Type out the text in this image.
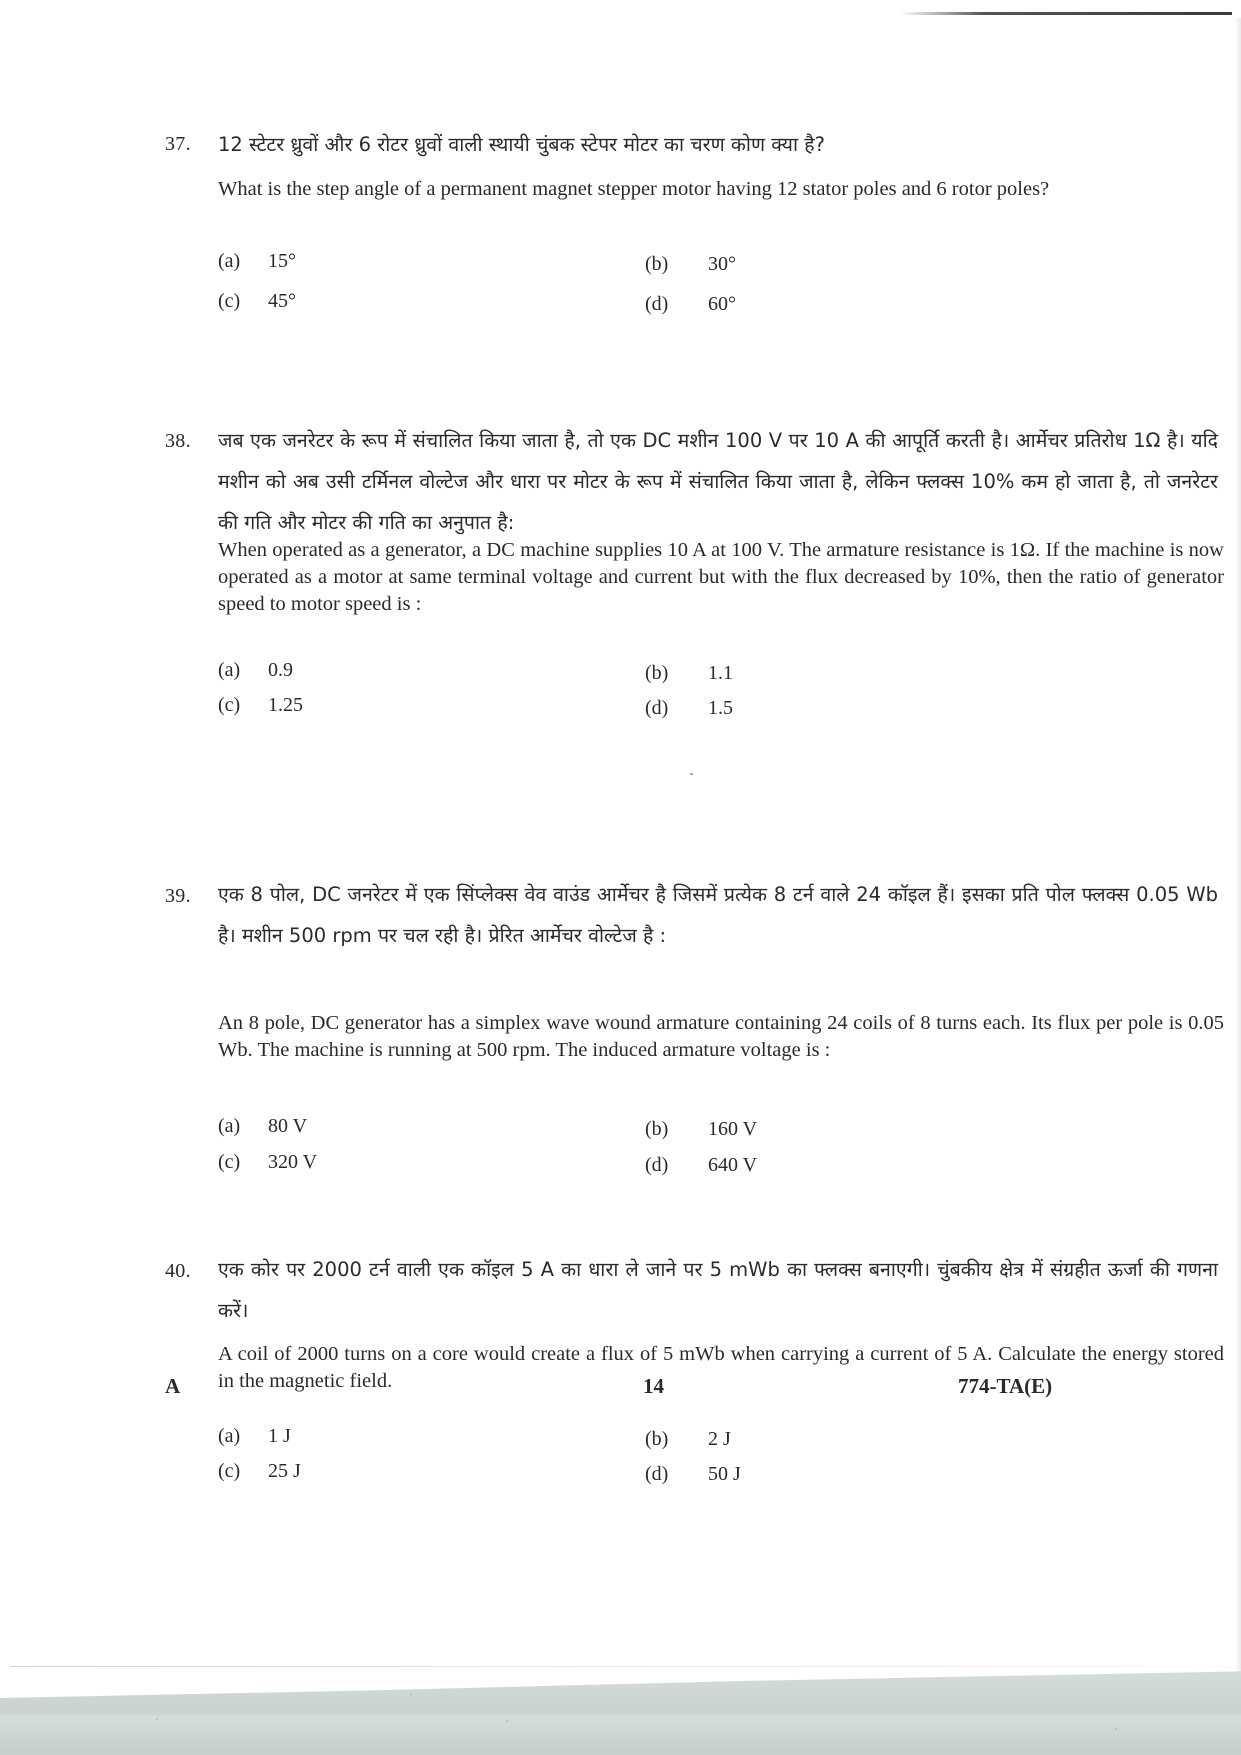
37. 12 स्टेटर ध्रुवों और 6 रोटर ध्रुवों वाली स्थायी चुंबक स्टेपर मोटर का चरण कोण क्या है?
What is the step angle of a permanent magnet stepper motor having 12 stator poles and 6 rotor poles?
(a) 15°	(b) 30°
(c) 45°	(d) 60°
38. जब एक जनरेटर के रूप में संचालित किया जाता है, तो एक DC मशीन 100 V पर 10 A की आपूर्ति करती है। आर्मेचर प्रतिरोध 1Ω है। यदि मशीन को अब उसी टर्मिनल वोल्टेज और धारा पर मोटर के रूप में संचालित किया जाता है, लेकिन फ्लक्स 10% कम हो जाता है, तो जनरेटर की गति और मोटर की गति का अनुपात है:
When operated as a generator, a DC machine supplies 10 A at 100 V. The armature resistance is 1Ω. If the machine is now operated as a motor at same terminal voltage and current but with the flux decreased by 10%, then the ratio of generator speed to motor speed is :
(a) 0.9	(b) 1.1
(c) 1.25	(d) 1.5
39. एक 8 पोल, DC जनरेटर में एक सिंप्लेक्स वेव वाउंड आर्मेचर है जिसमें प्रत्येक 8 टर्न वाले 24 कॉइल हैं। इसका प्रति पोल फ्लक्स 0.05 Wb है। मशीन 500 rpm पर चल रही है। प्रेरित आर्मेचर वोल्टेज है :
An 8 pole, DC generator has a simplex wave wound armature containing 24 coils of 8 turns each. Its flux per pole is 0.05 Wb. The machine is running at 500 rpm. The induced armature voltage is :
(a) 80 V	(b) 160 V
(c) 320 V	(d) 640 V
40. एक कोर पर 2000 टर्न वाली एक कॉइल 5 A का धारा ले जाने पर 5 mWb का फ्लक्स बनाएगी। चुंबकीय क्षेत्र में संग्रहीत ऊर्जा की गणना करें।
A coil of 2000 turns on a core would create a flux of 5 mWb when carrying a current of 5 A. Calculate the energy stored in the magnetic field.
(a) 1 J	(b) 2 J
(c) 25 J	(d) 50 J
A	14	774-TA(E)
